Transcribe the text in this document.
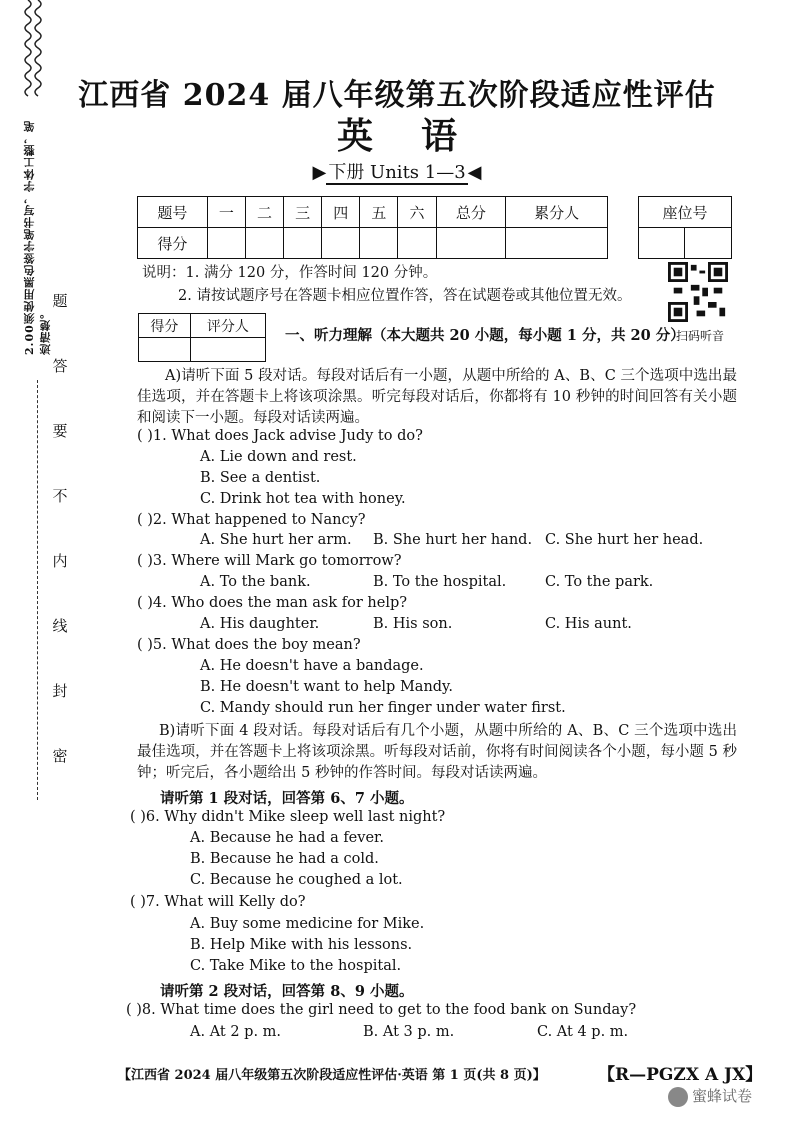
2.00须使用黑色签字笔书写，字体工整，笔迹清楚。
题
答
要
不
内
线
封
密
江西省 2024 届八年级第五次阶段适应性评估
英语
▶ 下册 Units 1—3 ◀
题号	一	二	三	四	五	六	总分	累分人
得分								
座位号

说明：1. 满分 120 分，作答时间 120 分钟。
2. 请按试题序号在答题卡相应位置作答，答在试题卷或其他位置无效。
扫码听音
得分	评分人

一、听力理解（本大题共 20 小题，每小题 1 分，共 20 分）
A)请听下面 5 段对话。每段对话后有一小题，从题中所给的 A、B、C 三个选项中选出最佳选项，并在答题卡上将该项涂黑。听完每段对话后，你都将有 10 秒钟的时间回答有关小题和阅读下一小题。每段对话读两遍。
( )1. What does Jack advise Judy to do?
A. Lie down and rest.
B. See a dentist.
C. Drink hot tea with honey.
( )2. What happened to Nancy?
A. She hurt her arm. B. She hurt her hand. C. She hurt her head.
( )3. Where will Mark go tomorrow?
A. To the bank.	B. To the hospital.	C. To the park.
( )4. Who does the man ask for help?
A. His daughter.	B. His son.	C. His aunt.
( )5. What does the boy mean?
A. He doesn't have a bandage.
B. He doesn't want to help Mandy.
C. Mandy should run her finger under water first.
B)请听下面 4 段对话。每段对话后有几个小题，从题中所给的 A、B、C 三个选项中选出最佳选项，并在答题卡上将该项涂黑。听每段对话前，你将有时间阅读各个小题，每小题 5 秒钟；听完后，各小题给出 5 秒钟的作答时间。每段对话读两遍。
请听第 1 段对话，回答第 6、7 小题。
( )6. Why didn't Mike sleep well last night?
A. Because he had a fever.
B. Because he had a cold.
C. Because he coughed a lot.
( )7. What will Kelly do?
A. Buy some medicine for Mike.
B. Help Mike with his lessons.
C. Take Mike to the hospital.
请听第 2 段对话，回答第 8、9 小题。
( )8. What time does the girl need to get to the food bank on Sunday?
A. At 2 p. m.	B. At 3 p. m.	C. At 4 p. m.
【江西省 2024 届八年级第五次阶段适应性评估·英语 第 1 页(共 8 页)】	【R—PGZX A JX】
蜜蜂试卷
